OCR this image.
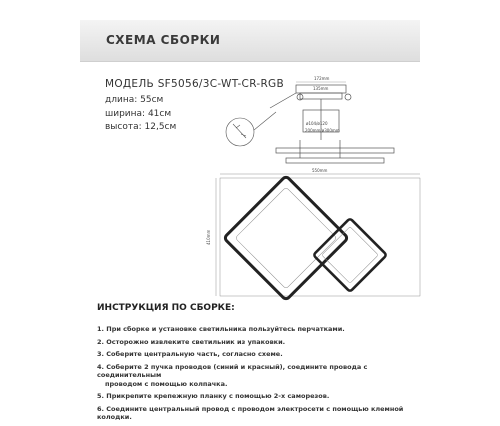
СХЕМА СБОРКИ
МОДЕЛЬ SF5056/3C-WT-CR-RGB
длина: 55см
ширина: 41см
высота: 12,5см
172mm
135mm
ø104/ø120
200mm/ø300mm
550mm
410mm
ИНСТРУКЦИЯ ПО СБОРКЕ:
1. При сборке и установке светильника пользуйтесь перчатками.
2. Осторожно извлеките светильник из упаковки.
3. Соберите центральную часть, согласно схеме.
4. Соберите 2 пучка проводов (синий и красный), соедините провода с соединительным
проводом с помощью колпачка.
5. Прикрепите крепежную планку с помощью 2-х саморезов.
6. Соедините центральный провод с проводом электросети с помощью клемной колодки.
